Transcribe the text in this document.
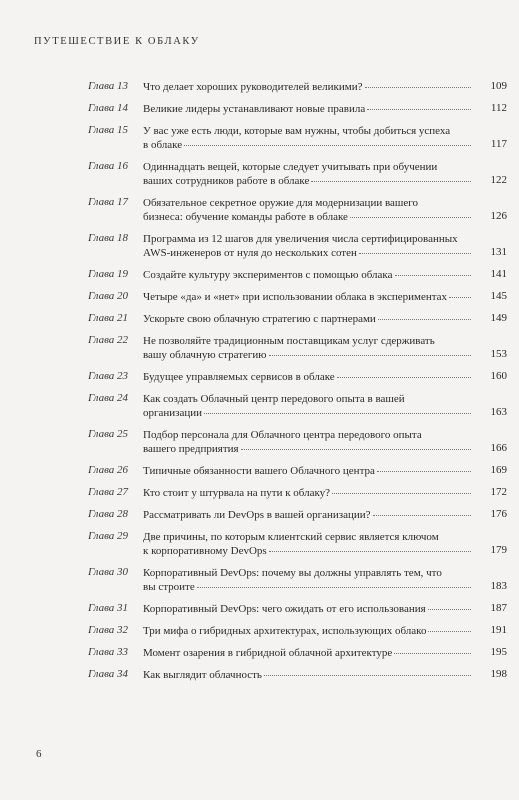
ПУТЕШЕСТВИЕ К ОБЛАКУ
Глава 13 Что делает хороших руководителей великими?	109
Глава 14 Великие лидеры устанавливают новые правила	112
Глава 15 У вас уже есть люди, которые вам нужны, чтобы добиться успеха
в облаке	117
Глава 16 Одиннадцать вещей, которые следует учитывать при обучении
ваших сотрудников работе в облаке	122
Глава 17 Обязательное секретное оружие для модернизации вашего
бизнеса: обучение команды работе в облаке	126
Глава 18 Программа из 12 шагов для увеличения числа сертифицированных
AWS-инженеров от нуля до нескольких сотен	131
Глава 19 Создайте культуру экспериментов с помощью облака	141
Глава 20 Четыре «да» и «нет» при использовании облака в экспериментах	145
Глава 21 Ускорьте свою облачную стратегию с партнерами	149
Глава 22 Не позволяйте традиционным поставщикам услуг сдерживать
вашу облачную стратегию	153
Глава 23 Будущее управляемых сервисов в облаке	160
Глава 24 Как создать Облачный центр передового опыта в вашей
организации	163
Глава 25 Подбор персонала для Облачного центра передового опыта
вашего предприятия	166
Глава 26 Типичные обязанности вашего Облачного центра	169
Глава 27 Кто стоит у штурвала на пути к облаку?	172
Глава 28 Рассматривать ли DevOps в вашей организации?	176
Глава 29 Две причины, по которым клиентский сервис является ключом
к корпоративному DevOps	179
Глава 30 Корпоративный DevOps: почему вы должны управлять тем, что
вы строите	183
Глава 31 Корпоративный DevOps: чего ожидать от его использования	187
Глава 32 Три мифа о гибридных архитектурах, использующих облако	191
Глава 33 Момент озарения в гибридной облачной архитектуре	195
Глава 34 Как выглядит облачность	198
6
